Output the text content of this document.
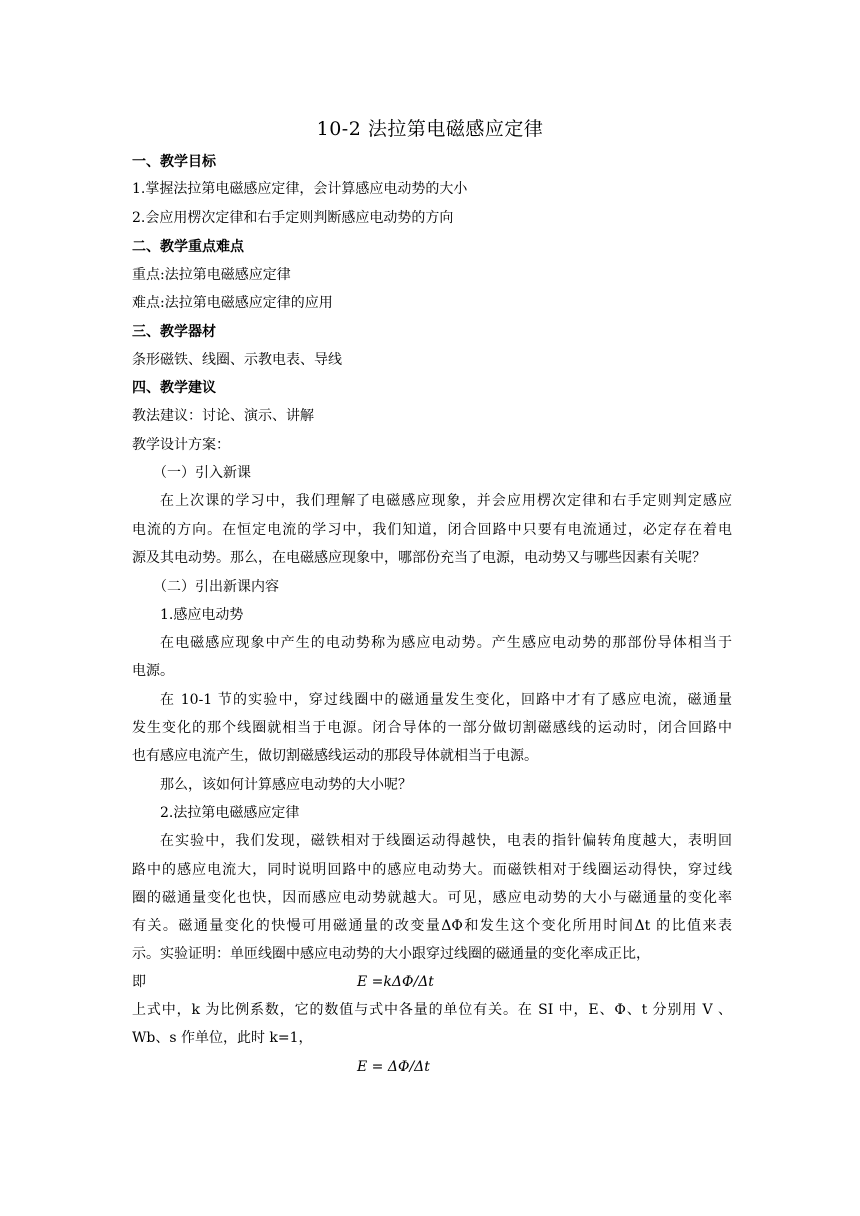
10-2 法拉第电磁感应定律
一、教学目标
1.掌握法拉第电磁感应定律，会计算感应电动势的大小
2.会应用楞次定律和右手定则判断感应电动势的方向
二、教学重点难点
重点:法拉第电磁感应定律
难点:法拉第电磁感应定律的应用
三、教学器材
条形磁铁、线圈、示教电表、导线
四、教学建议
教法建议：讨论、演示、讲解
教学设计方案：
（一）引入新课
在上次课的学习中，我们理解了电磁感应现象，并会应用楞次定律和右手定则判定感应
电流的方向。在恒定电流的学习中，我们知道，闭合回路中只要有电流通过，必定存在着电
源及其电动势。那么，在电磁感应现象中，哪部份充当了电源，电动势又与哪些因素有关呢？
（二）引出新课内容
1.感应电动势
在电磁感应现象中产生的电动势称为感应电动势。产生感应电动势的那部份导体相当于
电源。
在 10-1 节的实验中，穿过线圈中的磁通量发生变化，回路中才有了感应电流，磁通量
发生变化的那个线圈就相当于电源。闭合导体的一部分做切割磁感线的运动时，闭合回路中
也有感应电流产生，做切割磁感线运动的那段导体就相当于电源。
那么，该如何计算感应电动势的大小呢？
2.法拉第电磁感应定律
在实验中，我们发现，磁铁相对于线圈运动得越快，电表的指针偏转角度越大，表明回
路中的感应电流大，同时说明回路中的感应电动势大。而磁铁相对于线圈运动得快，穿过线
圈的磁通量变化也快，因而感应电动势就越大。可见，感应电动势的大小与磁通量的变化率
有关。磁通量变化的快慢可用磁通量的改变量ΔΦ和发生这个变化所用时间Δt 的比值来表
示。实验证明：单匝线圈中感应电动势的大小跟穿过线圈的磁通量的变化率成正比，
即	E =kΔΦ/Δt
上式中，k 为比例系数，它的数值与式中各量的单位有关。在 SI 中，E、Φ、t 分别用 V 、
Wb、s 作单位，此时 k=1，
E = ΔΦ/Δt
